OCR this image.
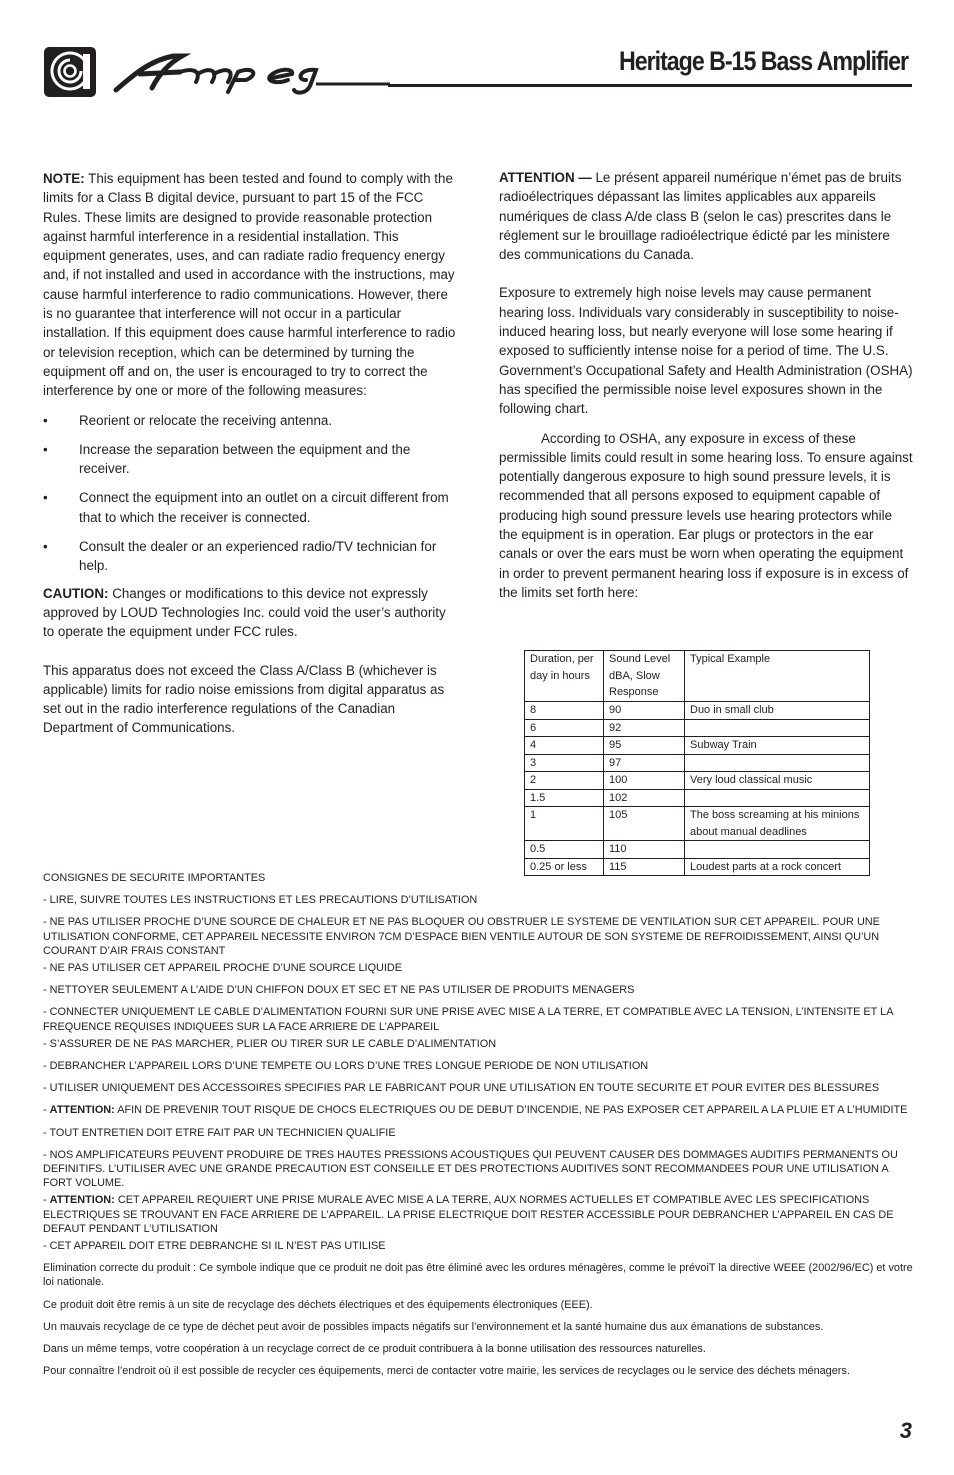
Heritage B-15 Bass Amplifier

NOTE: This equipment has been tested and found to comply with the limits for a Class B digital device, pursuant to part 15 of the FCC Rules. These limits are designed to provide reasonable protection against harmful interference in a residential installation. This equipment generates, uses, and can radiate radio frequency energy and, if not installed and used in accordance with the instructions, may cause harmful interference to radio communications. However, there is no guarantee that interference will not occur in a particular installation. If this equipment does cause harmful interference to radio or television reception, which can be determined by turning the equipment off and on, the user is encouraged to try to correct the interference by one or more of the following measures:

• Reorient or relocate the receiving antenna.
• Increase the separation between the equipment and the receiver.
• Connect the equipment into an outlet on a circuit different from that to which the receiver is connected.
• Consult the dealer or an experienced radio/TV technician for help.

CAUTION: Changes or modifications to this device not expressly approved by LOUD Technologies Inc. could void the user’s authority to operate the equipment under FCC rules.

This apparatus does not exceed the Class A/Class B (whichever is applicable) limits for radio noise emissions from digital apparatus as set out in the radio interference regulations of the Canadian Department of Communications.

ATTENTION — Le présent appareil numérique n’émet pas de bruits radioélectriques dépassant las limites applicables aux appareils numériques de class A/de class B (selon le cas) prescrites dans le réglement sur le brouillage radioélectrique édicté par les ministere des communications du Canada.

Exposure to extremely high noise levels may cause permanent hearing loss. Individuals vary considerably in susceptibility to noise-induced hearing loss, but nearly everyone will lose some hearing if exposed to sufficiently intense noise for a period of time. The U.S. Government’s Occupational Safety and Health Administration (OSHA) has specified the permissible noise level exposures shown in the following chart.

According to OSHA, any exposure in excess of these permissible limits could result in some hearing loss. To ensure against potentially dangerous exposure to high sound pressure levels, it is recommended that all persons exposed to equipment capable of producing high sound pressure levels use hearing protectors while the equipment is in operation. Ear plugs or protectors in the ear canals or over the ears must be worn when operating the equipment in order to prevent permanent hearing loss if exposure is in excess of the limits set forth here:

Duration, per day in hours	Sound Level dBA, Slow Response	Typical Example
8	90	Duo in small club
6	92	
4	95	Subway Train
3	97	
2	100	Very loud classical music
1.5	102	
1	105	The boss screaming at his minions about manual deadlines
0.5	110	
0.25 or less	115	Loudest parts at a rock concert

CONSIGNES DE SECURITE IMPORTANTES

- LIRE, SUIVRE TOUTES LES INSTRUCTIONS ET LES PRECAUTIONS D’UTILISATION

- NE PAS UTILISER PROCHE D’UNE SOURCE DE CHALEUR ET NE PAS BLOQUER OU OBSTRUER LE SYSTEME DE VENTILATION SUR CET APPAREIL. POUR UNE UTILISATION CONFORME, CET APPAREIL NECESSITE ENVIRON 7CM D’ESPACE BIEN VENTILE AUTOUR DE SON SYSTEME DE REFROIDISSEMENT, AINSI QU’UN COURANT D’AIR FRAIS CONSTANT

- NE PAS UTILISER CET APPAREIL PROCHE D’UNE SOURCE LIQUIDE

- NETTOYER SEULEMENT A L’AIDE D’UN CHIFFON DOUX ET SEC ET NE PAS UTILISER DE PRODUITS MENAGERS

- CONNECTER UNIQUEMENT LE CABLE D’ALIMENTATION FOURNI SUR UNE PRISE AVEC MISE A LA TERRE, ET COMPATIBLE AVEC LA TENSION, L’INTENSITE ET LA FREQUENCE REQUISES INDIQUEES SUR LA FACE ARRIERE DE L’APPAREIL

- S’ASSURER DE NE PAS MARCHER, PLIER OU TIRER SUR LE CABLE D’ALIMENTATION

- DEBRANCHER L’APPAREIL LORS D’UNE TEMPETE OU LORS D’UNE TRES LONGUE PERIODE DE NON UTILISATION

- UTILISER UNIQUEMENT DES ACCESSOIRES SPECIFIES PAR LE FABRICANT POUR UNE UTILISATION EN TOUTE SECURITE ET POUR EVITER DES BLESSURES

- ATTENTION: AFIN DE PREVENIR TOUT RISQUE DE CHOCS ELECTRIQUES OU DE DEBUT D’INCENDIE, NE PAS EXPOSER CET APPAREIL A LA PLUIE ET A L’HUMIDITE

- TOUT ENTRETIEN DOIT ETRE FAIT PAR UN TECHNICIEN QUALIFIE

- NOS AMPLIFICATEURS PEUVENT PRODUIRE DE TRES HAUTES PRESSIONS ACOUSTIQUES QUI PEUVENT CAUSER DES DOMMAGES AUDITIFS PERMANENTS OU DEFINITIFS. L’UTILISER AVEC UNE GRANDE PRECAUTION EST CONSEILLE ET DES PROTECTIONS AUDITIVES SONT RECOMMANDEES POUR UNE UTILISATION A FORT VOLUME.

- ATTENTION: CET APPAREIL REQUIERT UNE PRISE MURALE AVEC MISE A LA TERRE, AUX NORMES ACTUELLES ET COMPATIBLE AVEC LES SPECIFICATIONS ELECTRIQUES SE TROUVANT EN FACE ARRIERE DE L’APPAREIL. LA PRISE ELECTRIQUE DOIT RESTER ACCESSIBLE POUR DEBRANCHER L’APPAREIL EN CAS DE DEFAUT PENDANT L’UTILISATION

- CET APPAREIL DOIT ETRE DEBRANCHE SI IL N’EST PAS UTILISE

Elimination correcte du produit : Ce symbole indique que ce produit ne doit pas être éliminé avec les ordures ménagères, comme le prévoiT la directive WEEE (2002/96/EC) et votre loi nationale.

Ce produit doit être remis à un site de recyclage des déchets électriques et des équipements électroniques (EEE).

Un mauvais recyclage de ce type de déchet peut avoir de possibles impacts négatifs sur l’environnement et la santé humaine dus aux émanations de substances.

Dans un même temps, votre coopération à un recyclage correct de ce produit contribuera à la bonne utilisation des ressources naturelles.

Pour connaître l’endroit où il est possible de recycler ces équipements, merci de contacter votre mairie, les services de recyclages ou le service des déchets ménagers.

3
